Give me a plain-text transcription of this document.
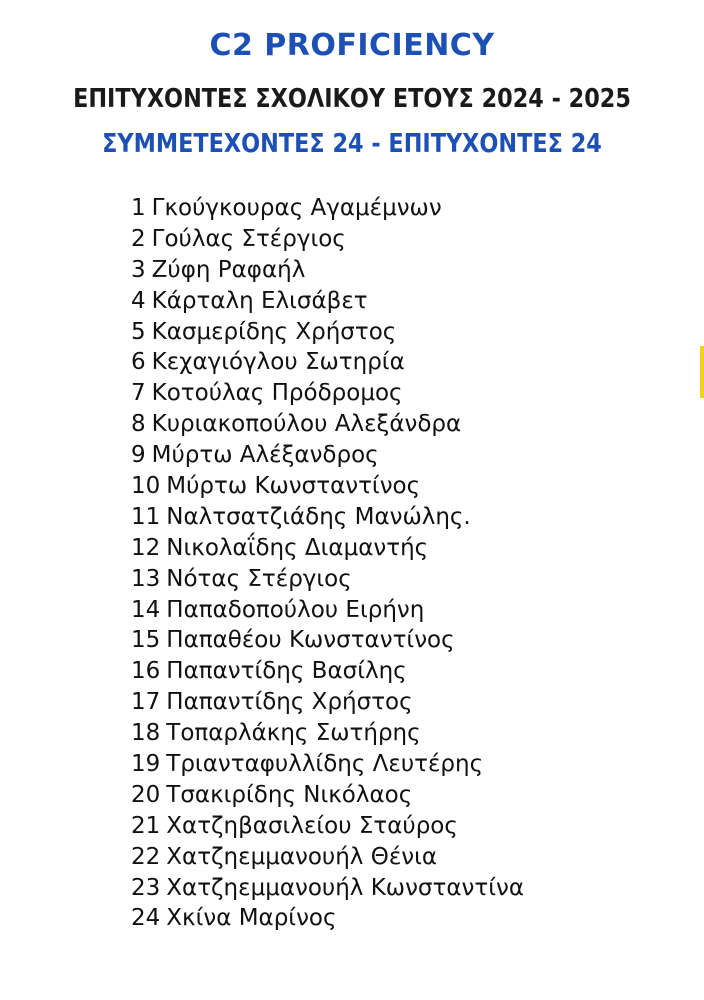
C2 PROFICIENCY
ΕΠΙΤΥΧΟΝΤΕΣ ΣΧΟΛΙΚΟΥ ΕΤΟΥΣ 2024 - 2025
ΣΥΜΜΕΤΕΧΟΝΤΕΣ 24 - ΕΠΙΤΥΧΟΝΤΕΣ 24
1 Γκούγκουρας Αγαμέμνων
2 Γούλας Στέργιος
3 Ζύφη Ραφαήλ
4 Κάρταλη Ελισάβετ
5 Κασμερίδης Χρήστος
6 Κεχαγιόγλου Σωτηρία
7 Κοτούλας Πρόδρομος
8 Κυριακοπούλου Αλεξάνδρα
9 Μύρτω Αλέξανδρος
10 Μύρτω Κωνσταντίνος
11 Ναλτσατζιάδης Μανώλης.
12 Νικολαΐδης Διαμαντής
13 Νότας Στέργιος
14 Παπαδοπούλου Ειρήνη
15 Παπαθέου Κωνσταντίνος
16 Παπαντίδης Βασίλης
17 Παπαντίδης Χρήστος
18 Τοπαρλάκης Σωτήρης
19 Τριανταφυλλίδης Λευτέρης
20 Τσακιρίδης Νικόλαος
21 Χατζηβασιλείου Σταύρος
22 Χατζηεμμανουήλ Θένια
23 Χατζηεμμανουήλ Κωνσταντίνα
24 Χκίνα Μαρίνος
